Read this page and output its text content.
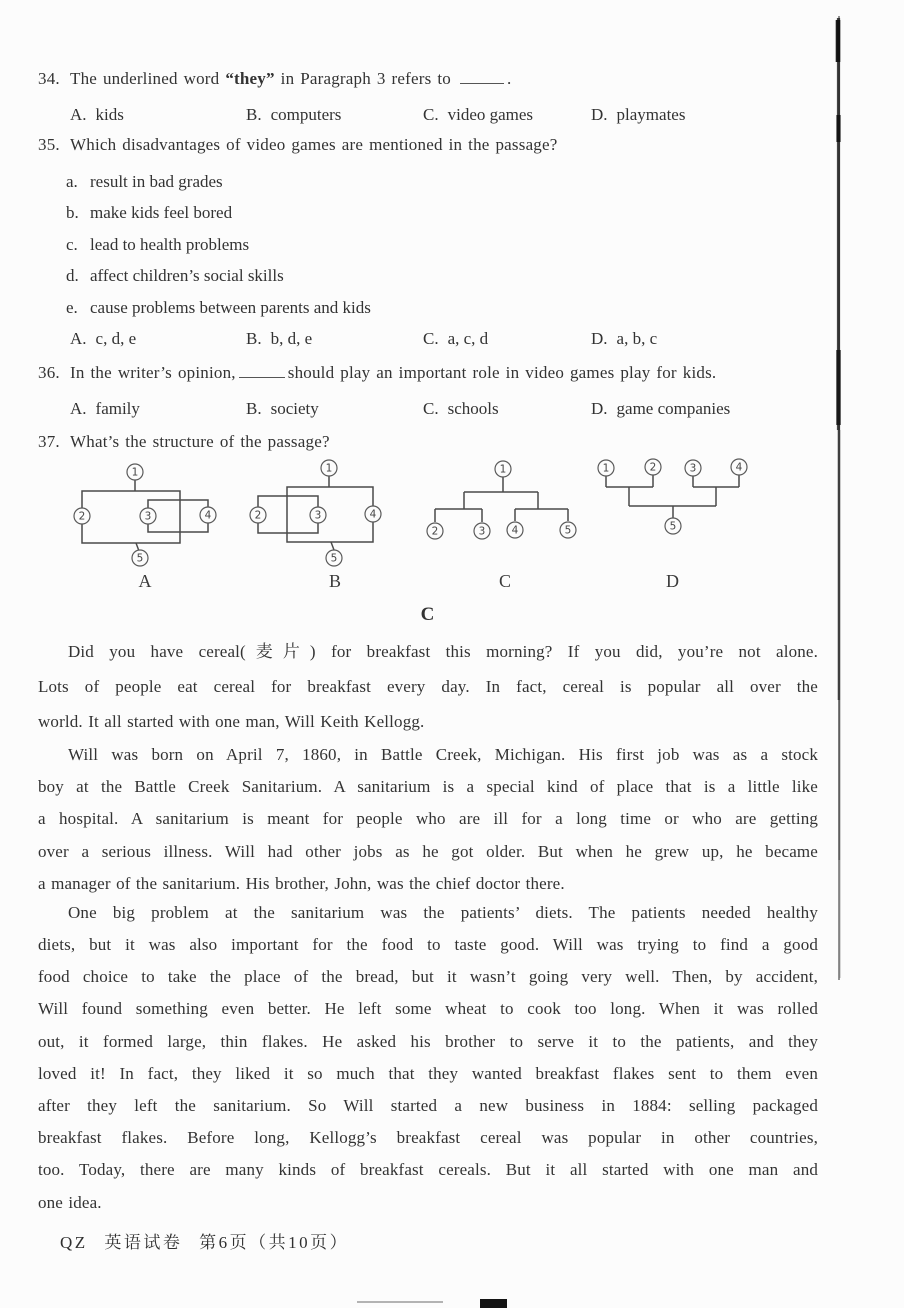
34. The underlined word “they” in Paragraph 3 refers to	.
A. kids	B. computers	C. video games	D. playmates
35. Which disadvantages of video games are mentioned in the passage?
a. result in bad grades
b. make kids feel bored
c. lead to health problems
d. affect children’s social skills
e. cause problems between parents and kids
A. c, d, e	B. b, d, e	C. a, c, d	D. a, b, c
36. In the writer’s opinion,	should play an important role in video games play for kids.
A. family	B. society	C. schools	D. game companies
37. What’s the structure of the passage?
1
2	3	4
5
A
1
2	3	4
5
B
1
2	3	4	5
C
1	2	3	4
5
D
C
Did you have cereal(麦片) for breakfast this morning? If you did, you’re not alone.
Lots of people eat cereal for breakfast every day. In fact, cereal is popular all over the
world. It all started with one man, Will Keith Kellogg.
Will was born on April 7, 1860, in Battle Creek, Michigan. His first job was as a stock
boy at the Battle Creek Sanitarium. A sanitarium is a special kind of place that is a little like
a hospital. A sanitarium is meant for people who are ill for a long time or who are getting
over a serious illness. Will had other jobs as he got older. But when he grew up, he became
a manager of the sanitarium. His brother, John, was the chief doctor there.
One big problem at the sanitarium was the patients’ diets. The patients needed healthy
diets, but it was also important for the food to taste good. Will was trying to find a good
food choice to take the place of the bread, but it wasn’t going very well. Then, by accident,
Will found something even better. He left some wheat to cook too long. When it was rolled
out, it formed large, thin flakes. He asked his brother to serve it to the patients, and they
loved it! In fact, they liked it so much that they wanted breakfast flakes sent to them even
after they left the sanitarium. So Will started a new business in 1884: selling packaged
breakfast flakes. Before long, Kellogg’s breakfast cereal was popular in other countries,
too. Today, there are many kinds of breakfast cereals. But it all started with one man and
one idea.
QZ 英语试卷 第6页（共10页）
